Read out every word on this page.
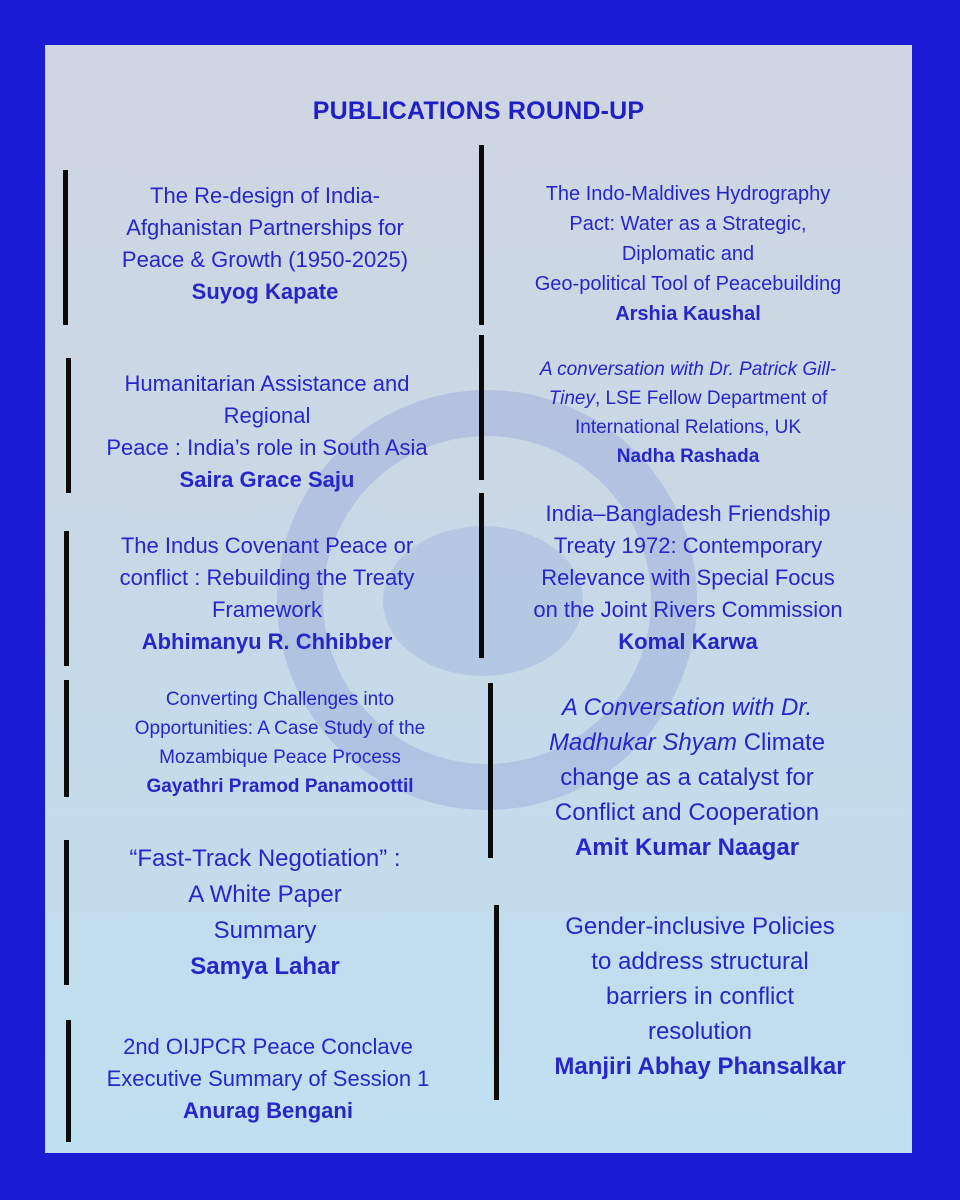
PUBLICATIONS ROUND-UP
The Re-design of India-
Afghanistan Partnerships for
Peace & Growth (1950-2025)
Suyog Kapate
Humanitarian Assistance and
Regional
Peace : India’s role in South Asia
Saira Grace Saju
The Indus Covenant Peace or
conflict : Rebuilding the Treaty
Framework
Abhimanyu R. Chhibber
Converting Challenges into
Opportunities: A Case Study of the
Mozambique Peace Process
Gayathri Pramod Panamoottil
“Fast-Track Negotiation” :
A White Paper
Summary
Samya Lahar
2nd OIJPCR Peace Conclave
Executive Summary of Session 1
Anurag Bengani
The Indo-Maldives Hydrography
Pact: Water as a Strategic,
Diplomatic and
Geo-political Tool of Peacebuilding
Arshia Kaushal
A conversation with Dr. Patrick Gill-
Tiney, LSE Fellow Department of
International Relations, UK
Nadha Rashada
India–Bangladesh Friendship
Treaty 1972: Contemporary
Relevance with Special Focus
on the Joint Rivers Commission
Komal Karwa
A Conversation with Dr.
Madhukar Shyam Climate
change as a catalyst for
Conflict and Cooperation
Amit Kumar Naagar
Gender-inclusive Policies
to address structural
barriers in conflict
resolution
Manjiri Abhay Phansalkar
